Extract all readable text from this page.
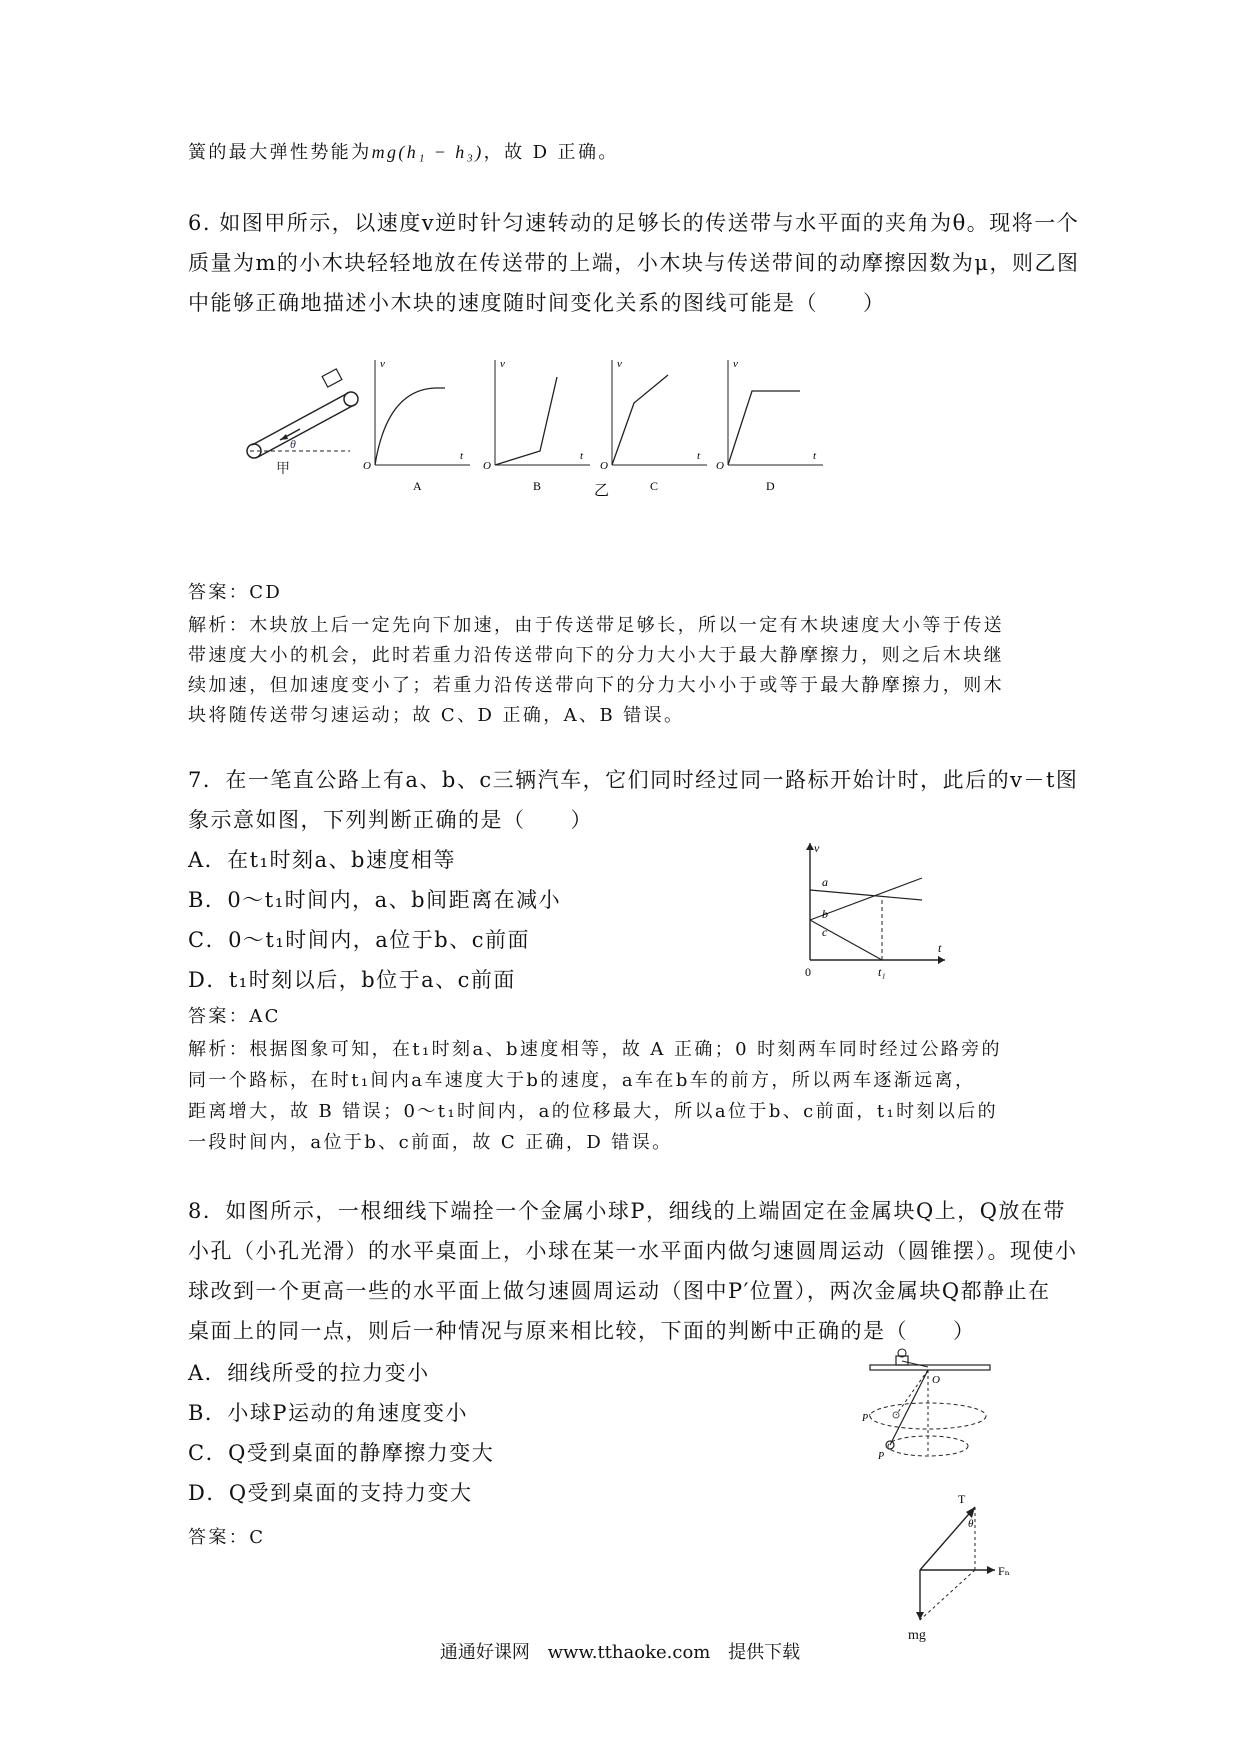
簧的最大弹性势能为mg(h₁ − h₃)，故 D 正确。
6. 如图甲所示，以速度v逆时针匀速转动的足够长的传送带与水平面的夹角为θ。现将一个
质量为m的小木块轻轻地放在传送带的上端，小木块与传送带间的动摩擦因数为μ，则乙图
中能够正确地描述小木块的速度随时间变化关系的图线可能是（　　）
θ
甲	O
v
t
A
O
v
t
B
O
v
t
C
乙
O
v
t
D
答案：CD
解析：木块放上后一定先向下加速，由于传送带足够长，所以一定有木块速度大小等于传送
带速度大小的机会，此时若重力沿传送带向下的分力大小大于最大静摩擦力，则之后木块继
续加速，但加速度变小了；若重力沿传送带向下的分力大小小于或等于最大静摩擦力，则木
块将随传送带匀速运动；故 C、D 正确，A、B 错误。
7．在一笔直公路上有a、b、c三辆汽车，它们同时经过同一路标开始计时，此后的v－t图
象示意如图，下列判断正确的是（　　）
A．在t₁时刻a、b速度相等
B．0～t₁时间内，a、b间距离在减小
C．0～t₁时间内，a位于b、c前面
D．t₁时刻以后，b位于a、c前面
v
t
0	t₁
a
b
c
答案：AC
解析：根据图象可知，在t₁时刻a、b速度相等，故 A 正确；0 时刻两车同时经过公路旁的
同一个路标，在时t₁间内a车速度大于b的速度，a车在b车的前方，所以两车逐渐远离，
距离增大，故 B 错误；0～t₁时间内，a的位移最大，所以a位于b、c前面，t₁时刻以后的
一段时间内，a位于b、c前面，故 C 正确，D 错误。
8．如图所示，一根细线下端拴一个金属小球P，细线的上端固定在金属块Q上，Q放在带
小孔（小孔光滑）的水平桌面上，小球在某一水平面内做匀速圆周运动（圆锥摆）。现使小
球改到一个更高一些的水平面上做匀速圆周运动（图中P′位置），两次金属块Q都静止在
桌面上的同一点，则后一种情况与原来相比较，下面的判断中正确的是（　　）
A．细线所受的拉力变小
B．小球P运动的角速度变小
C．Q受到桌面的静摩擦力变大
D．Q受到桌面的支持力变大
答案：C
O
P′
P
T
θ
Fₙ
mg
通通好课网 www.tthaoke.com 提供下载
